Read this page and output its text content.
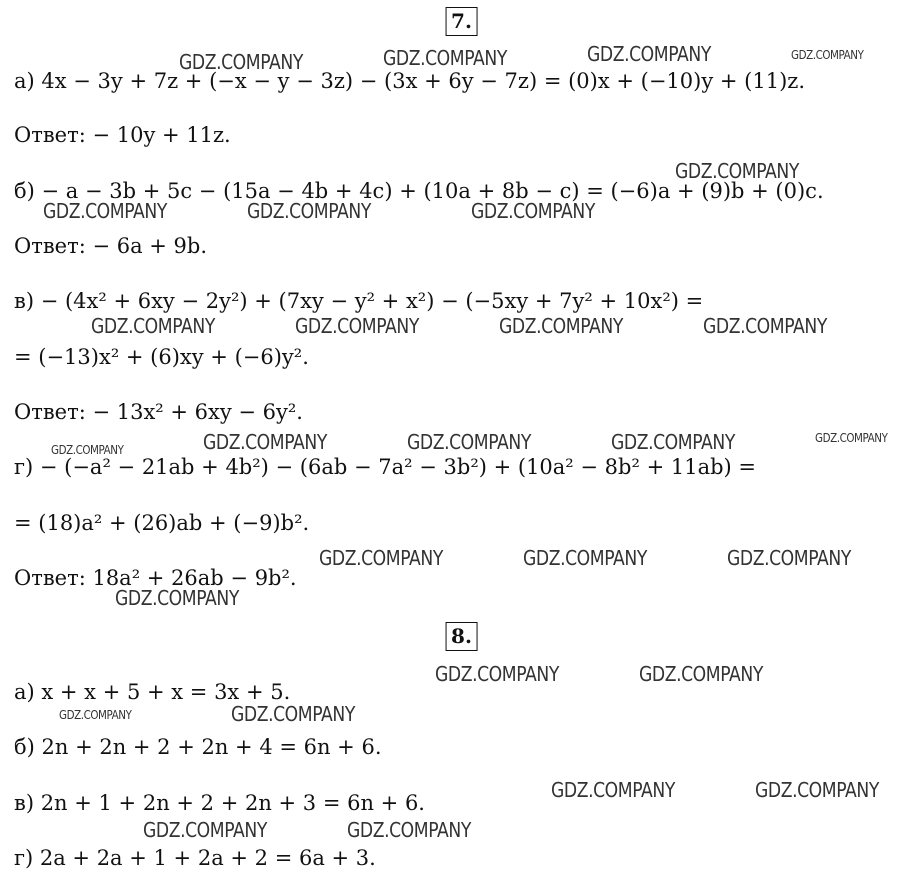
7.
а) 4x − 3y + 7z + (−x − y − 3z) − (3x + 6y − 7z) = (0)x + (−10)y + (11)z.
Ответ: − 10y + 11z.
б) − a − 3b + 5c − (15a − 4b + 4c) + (10a + 8b − c) = (−6)a + (9)b + (0)c.
Ответ: − 6a + 9b.
в) − (4x² + 6xy − 2y²) + (7xy − y² + x²) − (−5xy + 7y² + 10x²) =
= (−13)x² + (6)xy + (−6)y².
Ответ: − 13x² + 6xy − 6y².
г) − (−a² − 21ab + 4b²) − (6ab − 7a² − 3b²) + (10a² − 8b² + 11ab) =
= (18)a² + (26)ab + (−9)b².
Ответ: 18a² + 26ab − 9b².
8.
а) x + x + 5 + x = 3x + 5.
б) 2n + 2n + 2 + 2n + 4 = 6n + 6.
в) 2n + 1 + 2n + 2 + 2n + 3 = 6n + 6.
г) 2a + 2a + 1 + 2a + 2 = 6a + 3.
GDZ.COMPANY	GDZ.COMPANY	GDZ.COMPANY	GDZ.COMPANY
GDZ.COMPANY
GDZ.COMPANY	GDZ.COMPANY	GDZ.COMPANY
GDZ.COMPANY	GDZ.COMPANY	GDZ.COMPANY	GDZ.COMPANY
GDZ.COMPANY	GDZ.COMPANY	GDZ.COMPANY	GDZ.COMPANY
GDZ.COMPANY
GDZ.COMPANY	GDZ.COMPANY	GDZ.COMPANY
GDZ.COMPANY
GDZ.COMPANY	GDZ.COMPANY
GDZ.COMPANY	GDZ.COMPANY
GDZ.COMPANY	GDZ.COMPANY
GDZ.COMPANY	GDZ.COMPANY
